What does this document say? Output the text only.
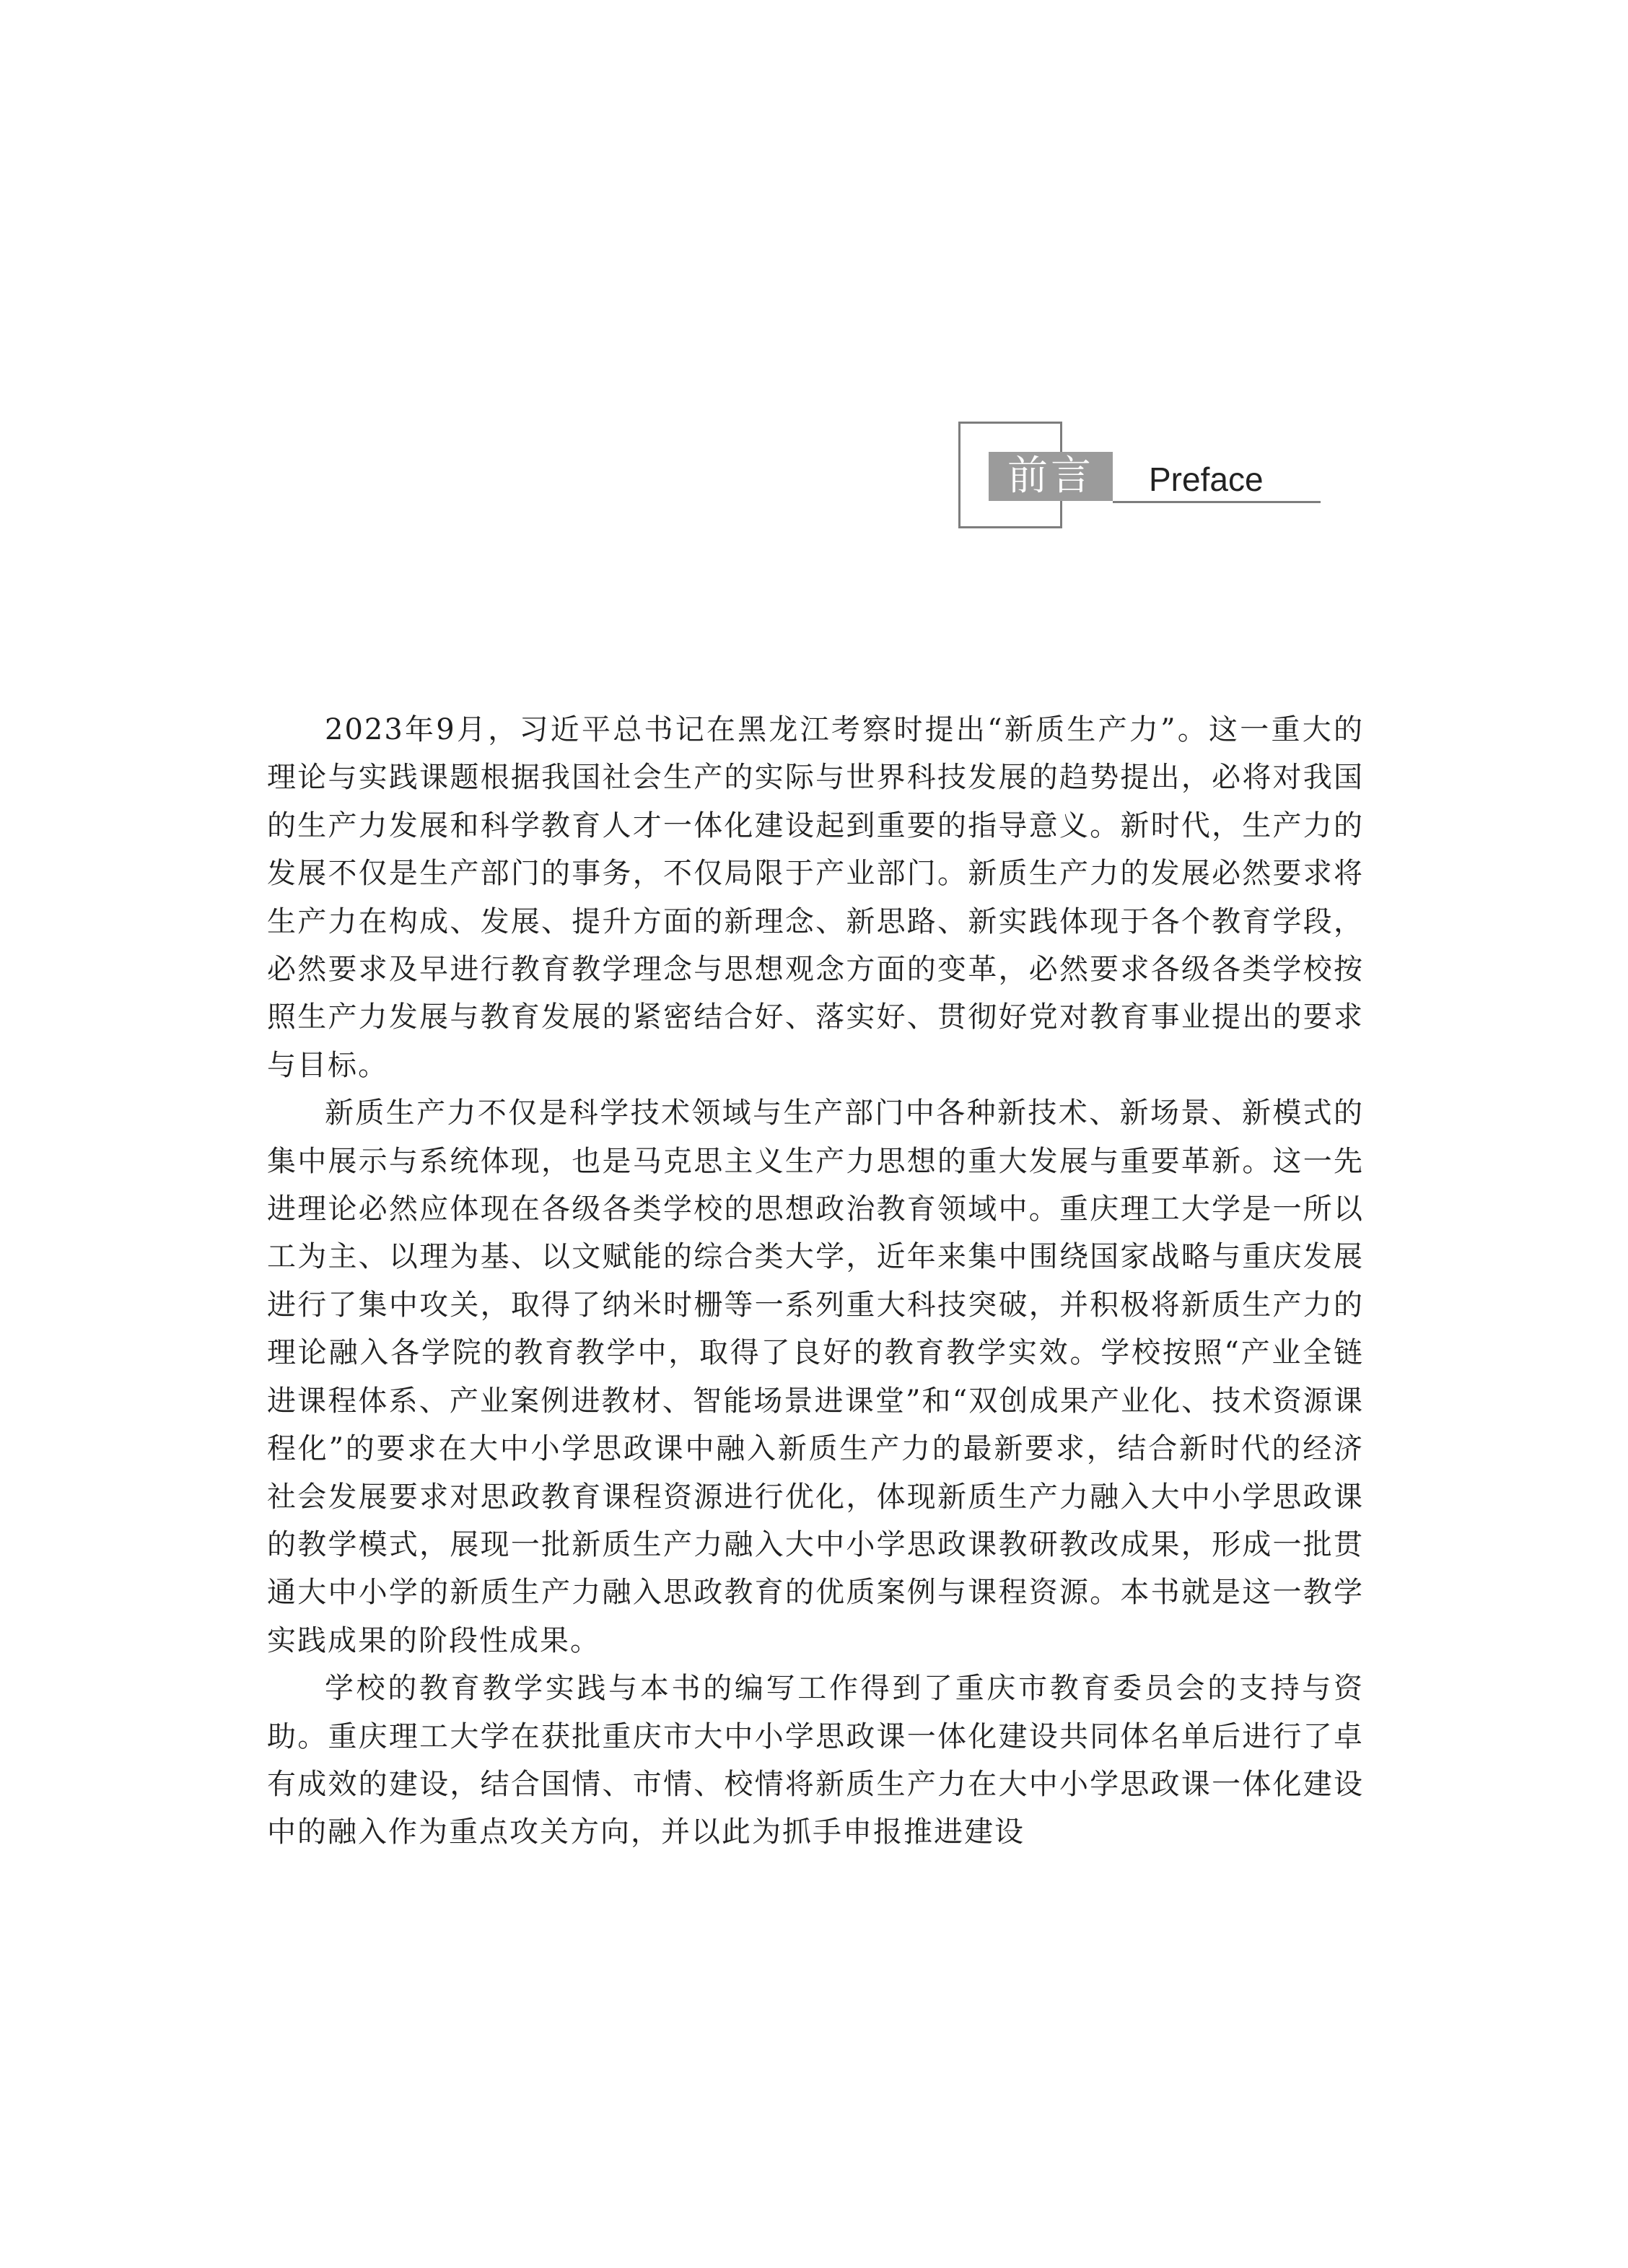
前言	Preface

2023年9月，习近平总书记在黑龙江考察时提出“新质生产力”。这一重大的理论与实践课题根据我国社会生产的实际与世界科技发展的趋势提出，必将对我国的生产力发展和科学教育人才一体化建设起到重要的指导意义。新时代，生产力的发展不仅是生产部门的事务，不仅局限于产业部门。新质生产力的发展必然要求将生产力在构成、发展、提升方面的新理念、新思路、新实践体现于各个教育学段，必然要求及早进行教育教学理念与思想观念方面的变革，必然要求各级各类学校按照生产力发展与教育发展的紧密结合好、落实好、贯彻好党对教育事业提出的要求与目标。

新质生产力不仅是科学技术领域与生产部门中各种新技术、新场景、新模式的集中展示与系统体现，也是马克思主义生产力思想的重大发展与重要革新。这一先进理论必然应体现在各级各类学校的思想政治教育领域中。重庆理工大学是一所以工为主、以理为基、以文赋能的综合类大学，近年来集中围绕国家战略与重庆发展进行了集中攻关，取得了纳米时栅等一系列重大科技突破，并积极将新质生产力的理论融入各学院的教育教学中，取得了良好的教育教学实效。学校按照“产业全链进课程体系、产业案例进教材、智能场景进课堂”和“双创成果产业化、技术资源课程化”的要求在大中小学思政课中融入新质生产力的最新要求，结合新时代的经济社会发展要求对思政教育课程资源进行优化，体现新质生产力融入大中小学思政课的教学模式，展现一批新质生产力融入大中小学思政课教研教改成果，形成一批贯通大中小学的新质生产力融入思政教育的优质案例与课程资源。本书就是这一教学实践成果的阶段性成果。

学校的教育教学实践与本书的编写工作得到了重庆市教育委员会的支持与资助。重庆理工大学在获批重庆市大中小学思政课一体化建设共同体名单后进行了卓有成效的建设，结合国情、市情、校情将新质生产力在大中小学思政课一体化建设中的融入作为重点攻关方向，并以此为抓手申报推进建设
